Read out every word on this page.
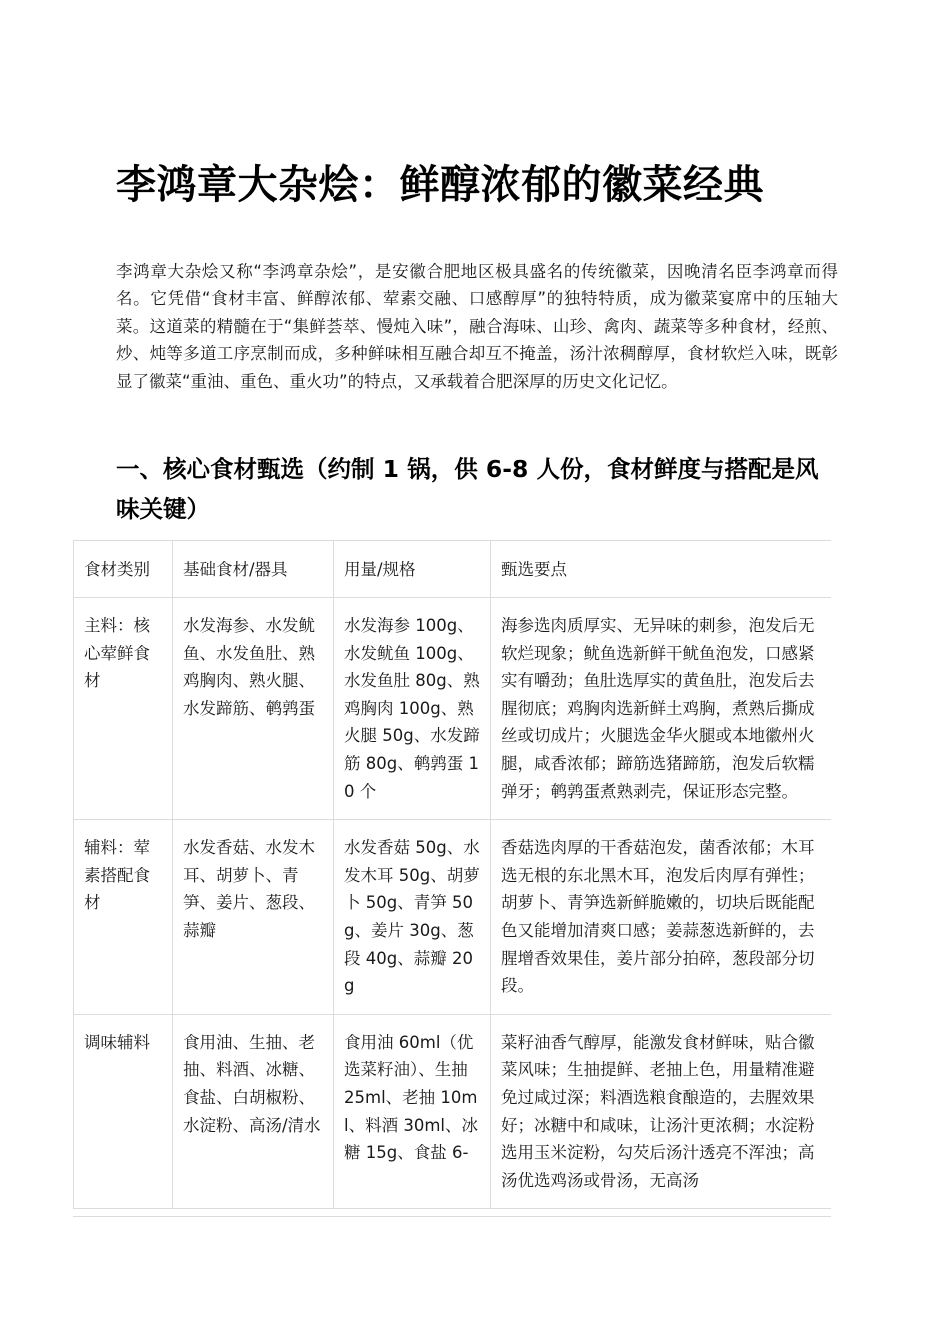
李鸿章大杂烩：鲜醇浓郁的徽菜经典

李鸿章大杂烩又称“李鸿章杂烩”，是安徽合肥地区极具盛名的传统徽菜，因晚清名臣李鸿章而得名。它凭借“食材丰富、鲜醇浓郁、荤素交融、口感醇厚”的独特特质，成为徽菜宴席中的压轴大菜。这道菜的精髓在于“集鲜荟萃、慢炖入味”，融合海味、山珍、禽肉、蔬菜等多种食材，经煎、炒、炖等多道工序烹制而成，多种鲜味相互融合却互不掩盖，汤汁浓稠醇厚，食材软烂入味，既彰显了徽菜“重油、重色、重火功”的特点，又承载着合肥深厚的历史文化记忆。

一、核心食材甄选（约制 1 锅，供 6-8 人份，食材鲜度与搭配是风味关键）
食材类别	基础食材/器具	用量/规格	甄选要点
主料：核心荤鲜食材	水发海参、水发鱿鱼、水发鱼肚、熟鸡胸肉、熟火腿、水发蹄筋、鹌鹑蛋	水发海参 100g、水发鱿鱼 100g、水发鱼肚 80g、熟鸡胸肉 100g、熟火腿 50g、水发蹄筋 80g、鹌鹑蛋 10 个	海参选肉质厚实、无异味的刺参，泡发后无软烂现象；鱿鱼选新鲜干鱿鱼泡发，口感紧实有嚼劲；鱼肚选厚实的黄鱼肚，泡发后去腥彻底；鸡胸肉选新鲜土鸡胸，煮熟后撕成丝或切成片；火腿选金华火腿或本地徽州火腿，咸香浓郁；蹄筋选猪蹄筋，泡发后软糯弹牙；鹌鹑蛋煮熟剥壳，保证形态完整。
辅料：荤素搭配食材	水发香菇、水发木耳、胡萝卜、青笋、姜片、葱段、蒜瓣	水发香菇 50g、水发木耳 50g、胡萝卜 50g、青笋 50g、姜片 30g、葱段 40g、蒜瓣 20g	香菇选肉厚的干香菇泡发，菌香浓郁；木耳选无根的东北黑木耳，泡发后肉厚有弹性；胡萝卜、青笋选新鲜脆嫩的，切块后既能配色又能增加清爽口感；姜蒜葱选新鲜的，去腥增香效果佳，姜片部分拍碎，葱段部分切段。
调味辅料	食用油、生抽、老抽、料酒、冰糖、食盐、白胡椒粉、水淀粉、高汤/清水	食用油 60ml（优选菜籽油）、生抽 25ml、老抽 10ml、料酒 30ml、冰糖 15g、食盐 6-	菜籽油香气醇厚，能激发食材鲜味，贴合徽菜风味；生抽提鲜、老抽上色，用量精准避免过咸过深；料酒选粮食酿造的，去腥效果好；冰糖中和咸味，让汤汁更浓稠；水淀粉选用玉米淀粉，勾芡后汤汁透亮不浑浊；高汤优选鸡汤或骨汤，无高汤
